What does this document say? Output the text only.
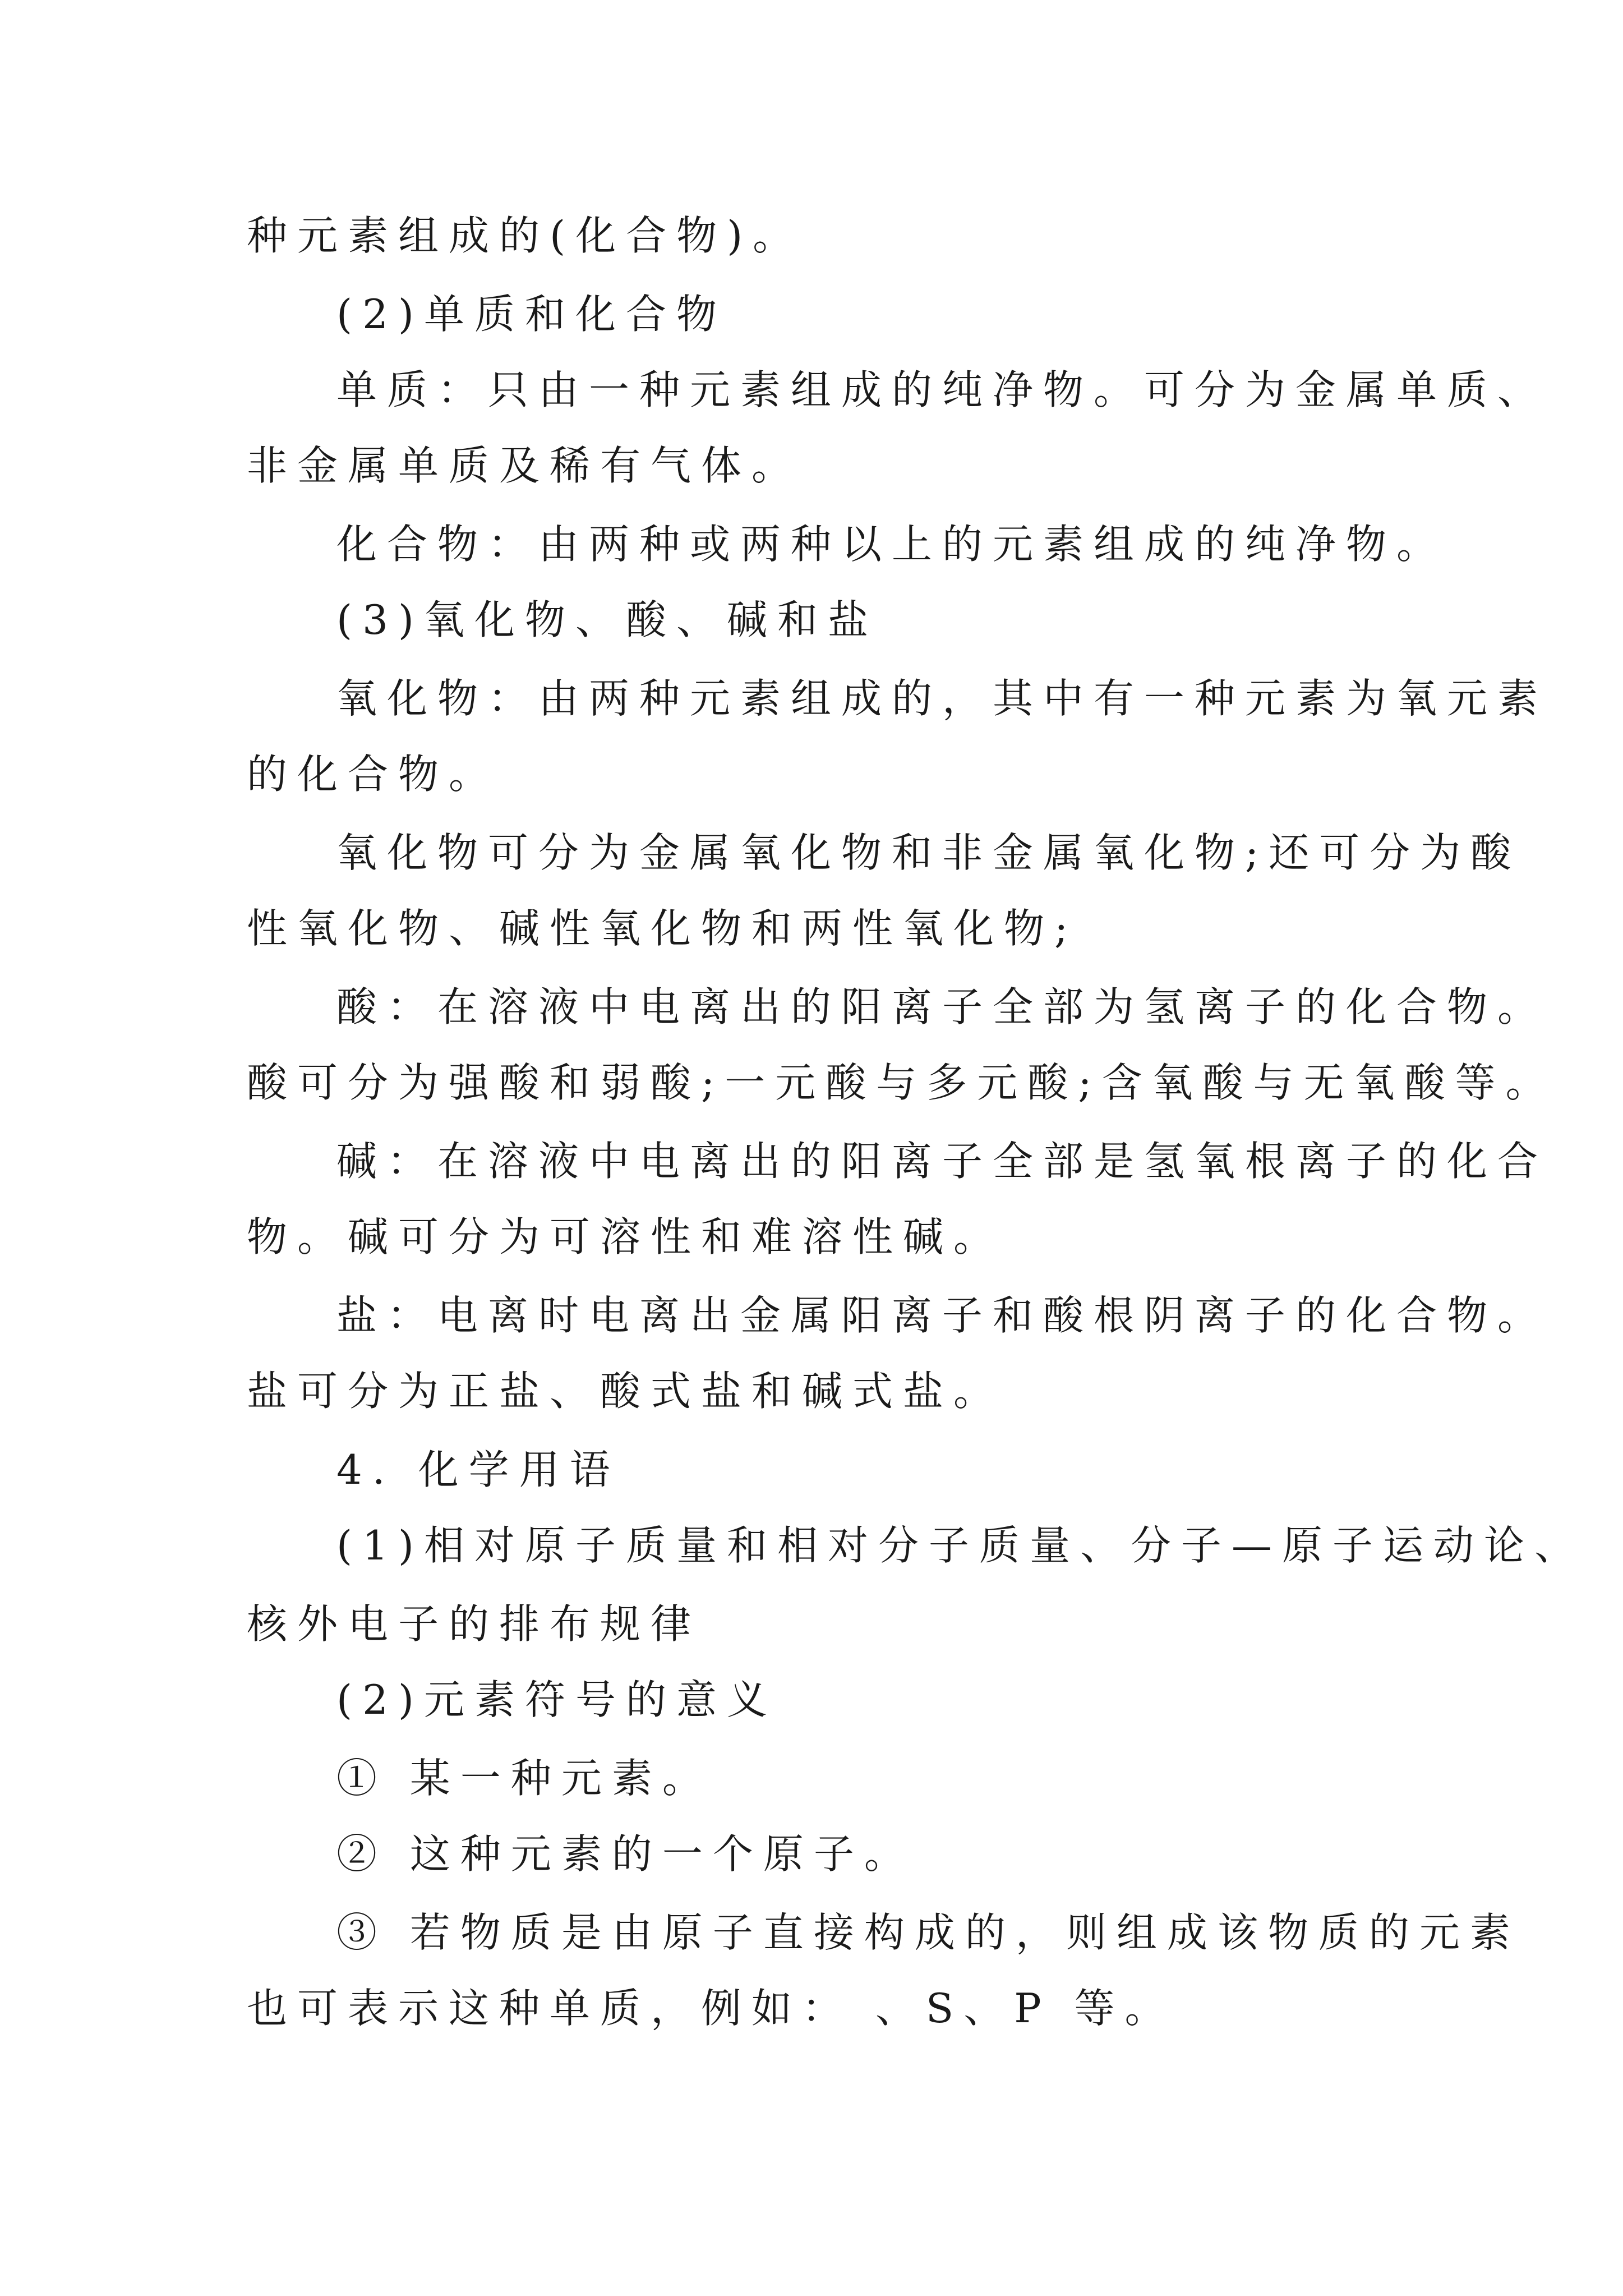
种元素组成的(化合物)。
(2)单质和化合物
单质：只由一种元素组成的纯净物。可分为金属单质、
非金属单质及稀有气体。
化合物：由两种或两种以上的元素组成的纯净物。
(3)氧化物、酸、碱和盐
氧化物：由两种元素组成的，其中有一种元素为氧元素
的化合物。
氧化物可分为金属氧化物和非金属氧化物;还可分为酸
性氧化物、碱性氧化物和两性氧化物;
酸：在溶液中电离出的阳离子全部为氢离子的化合物。
酸可分为强酸和弱酸;一元酸与多元酸;含氧酸与无氧酸等。
碱：在溶液中电离出的阳离子全部是氢氧根离子的化合
物。碱可分为可溶性和难溶性碱。
盐：电离时电离出金属阳离子和酸根阴离子的化合物。
盐可分为正盐、酸式盐和碱式盐。
4. 化学用语
(1)相对原子质量和相对分子质量、分子—原子运动论、
核外电子的排布规律
(2)元素符号的意义
① 某一种元素。
② 这种元素的一个原子。
③ 若物质是由原子直接构成的，则组成该物质的元素
也可表示这种单质，例如： 、S、P 等。
